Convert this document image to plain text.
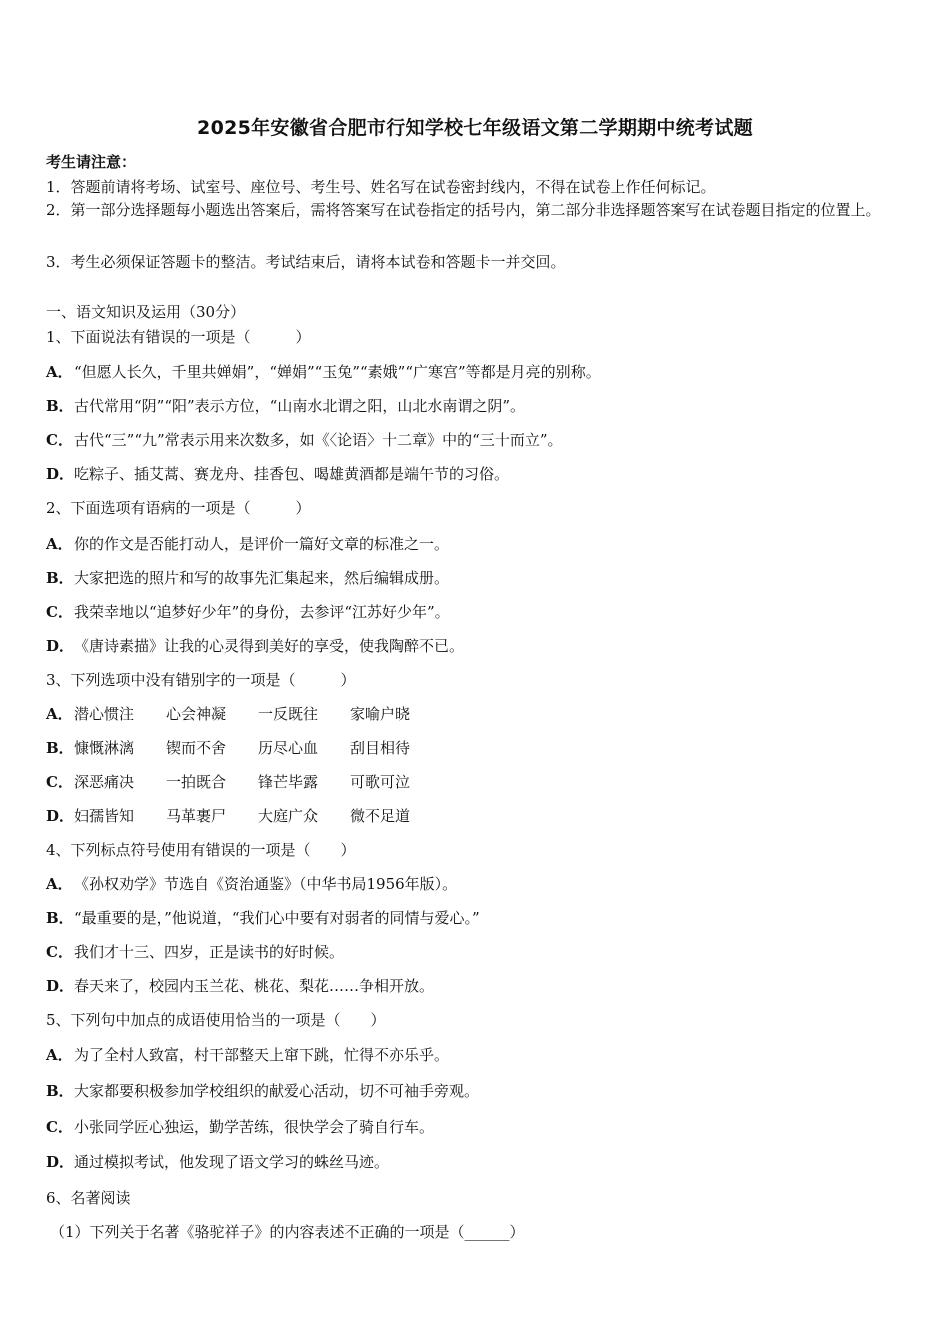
2025年安徽省合肥市行知学校七年级语文第二学期期中统考试题
考生请注意：
1．答题前请将考场、试室号、座位号、考生号、姓名写在试卷密封线内，不得在试卷上作任何标记。
2．第一部分选择题每小题选出答案后，需将答案写在试卷指定的括号内，第二部分非选择题答案写在试卷题目指定的位置上。
3．考生必须保证答题卡的整洁。考试结束后，请将本试卷和答题卡一并交回。
一、语文知识及运用（30分）
1、下面说法有错误的一项是（　　　）
A．“但愿人长久，千里共婵娟”，“婵娟”“玉兔”“素娥”“广寒宫”等都是月亮的别称。
B．古代常用“阴”“阳”表示方位，“山南水北谓之阳，山北水南谓之阴”。
C．古代“三”“九”常表示用来次数多，如《〈论语〉十二章》中的“三十而立”。
D．吃粽子、插艾蒿、赛龙舟、挂香包、喝雄黄酒都是端午节的习俗。
2、下面选项有语病的一项是（　　　）
A．你的作文是否能打动人，是评价一篇好文章的标准之一。
B．大家把选的照片和写的故事先汇集起来，然后编辑成册。
C．我荣幸地以“追梦好少年”的身份，去参评“江苏好少年”。
D．《唐诗素描》让我的心灵得到美好的享受，使我陶醉不已。
3、下列选项中没有错别字的一项是（　　　）
A．潜心惯注 心会神凝 一反既往 家喻户晓
B．慷慨淋漓 锲而不舍 历尽心血 刮目相待
C．深恶痛决 一拍既合 锋芒毕露 可歌可泣
D．妇孺皆知 马革裹尸 大庭广众 微不足道
4、下列标点符号使用有错误的一项是（　　）
A．《孙权劝学》节选自《资治通鉴》（中华书局1956年版）。
B．“最重要的是，”他说道，“我们心中要有对弱者的同情与爱心。”
C．我们才十三、四岁，正是读书的好时候。
D．春天来了，校园内玉兰花、桃花、梨花……争相开放。
5、下列句中加点的成语使用恰当的一项是（　　）
A．为了全村人致富，村干部整天上窜下跳，忙得不亦乐乎。
B．大家都要积极参加学校组织的献爱心活动，切不可袖手旁观。
C．小张同学匠心独运，勤学苦练，很快学会了骑自行车。
D．通过模拟考试，他发现了语文学习的蛛丝马迹。
6、名著阅读
（1）下列关于名著《骆驼祥子》的内容表述不正确的一项是（______）
